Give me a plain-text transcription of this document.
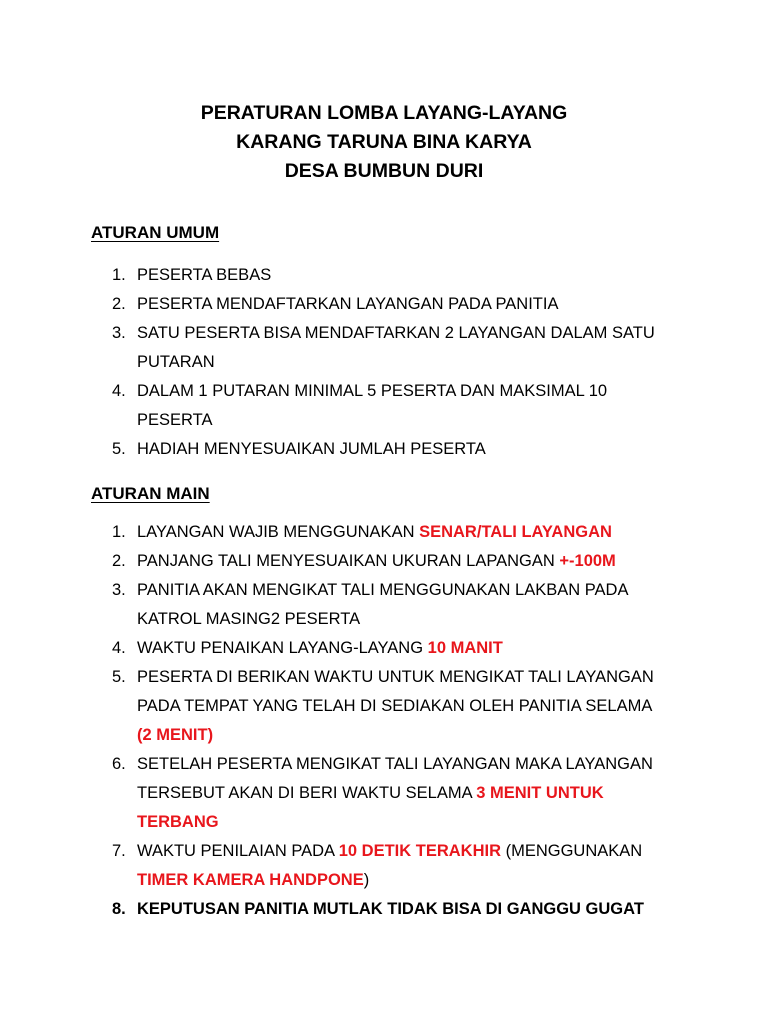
PERATURAN LOMBA LAYANG-LAYANG
KARANG TARUNA BINA KARYA
DESA BUMBUN DURI
ATURAN UMUM
1. PESERTA BEBAS
2. PESERTA MENDAFTARKAN LAYANGAN PADA PANITIA
3. SATU PESERTA BISA MENDAFTARKAN 2 LAYANGAN DALAM SATU
PUTARAN
4. DALAM 1 PUTARAN MINIMAL 5 PESERTA DAN MAKSIMAL 10
PESERTA
5. HADIAH MENYESUAIKAN JUMLAH PESERTA
ATURAN MAIN
1. LAYANGAN WAJIB MENGGUNAKAN SENAR/TALI LAYANGAN
2. PANJANG TALI MENYESUAIKAN UKURAN LAPANGAN +-100M
3. PANITIA AKAN MENGIKAT TALI MENGGUNAKAN LAKBAN PADA
KATROL MASING2 PESERTA
4. WAKTU PENAIKAN LAYANG-LAYANG 10 MANIT
5. PESERTA DI BERIKAN WAKTU UNTUK MENGIKAT TALI LAYANGAN
PADA TEMPAT YANG TELAH DI SEDIAKAN OLEH PANITIA SELAMA
(2 MENIT)
6. SETELAH PESERTA MENGIKAT TALI LAYANGAN MAKA LAYANGAN
TERSEBUT AKAN DI BERI WAKTU SELAMA 3 MENIT UNTUK
TERBANG
7. WAKTU PENILAIAN PADA 10 DETIK TERAKHIR (MENGGUNAKAN
TIMER KAMERA HANDPONE)
8. KEPUTUSAN PANITIA MUTLAK TIDAK BISA DI GANGGU GUGAT
